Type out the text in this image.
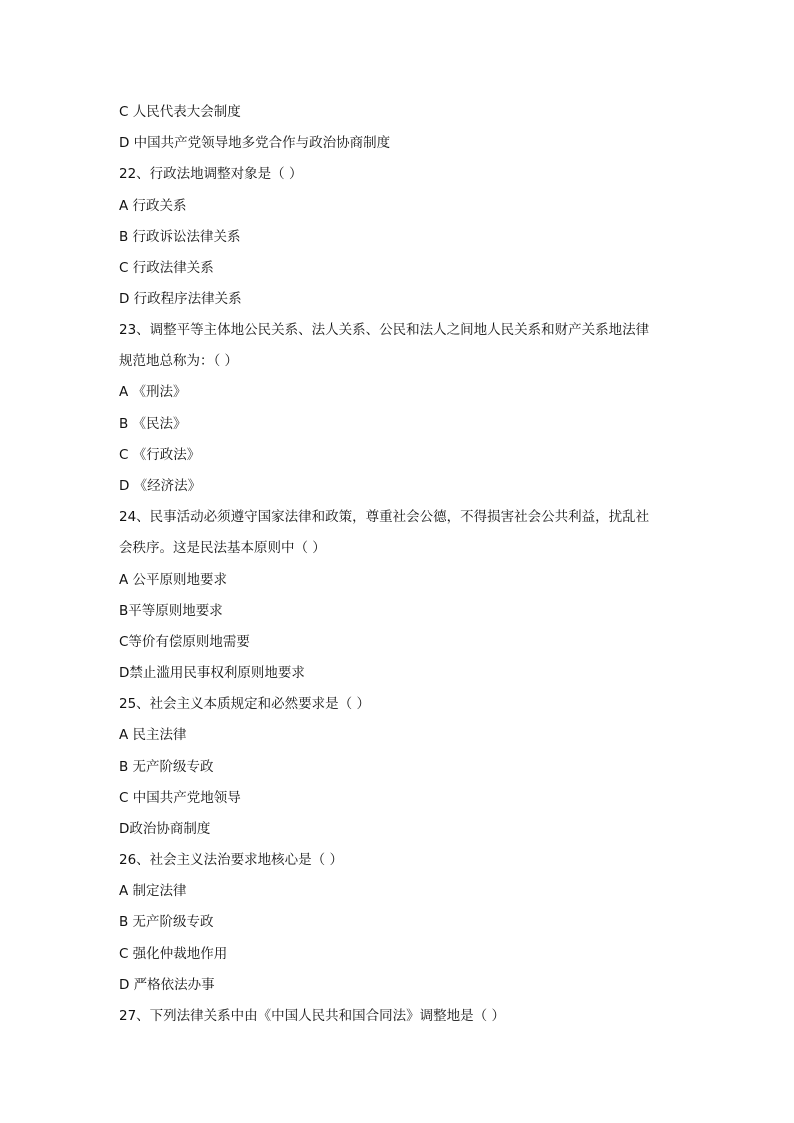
C 人民代表大会制度
D 中国共产党领导地多党合作与政治协商制度
22、行政法地调整对象是（ ）
A 行政关系
B 行政诉讼法律关系
C 行政法律关系
D 行政程序法律关系
23、调整平等主体地公民关系、法人关系、公民和法人之间地人民关系和财产关系地法律
规范地总称为：（ ）
A 《刑法》
B 《民法》
C 《行政法》
D 《经济法》
24、民事活动必须遵守国家法律和政策，尊重社会公德，不得损害社会公共利益，扰乱社
会秩序。这是民法基本原则中（ ）
A 公平原则地要求
B平等原则地要求
C等价有偿原则地需要
D禁止滥用民事权利原则地要求
25、社会主义本质规定和必然要求是（ ）
A 民主法律
B 无产阶级专政
C 中国共产党地领导
D政治协商制度
26、社会主义法治要求地核心是（ ）
A 制定法律
B 无产阶级专政
C 强化仲裁地作用
D 严格依法办事
27、下列法律关系中由《中国人民共和国合同法》调整地是（ ）
